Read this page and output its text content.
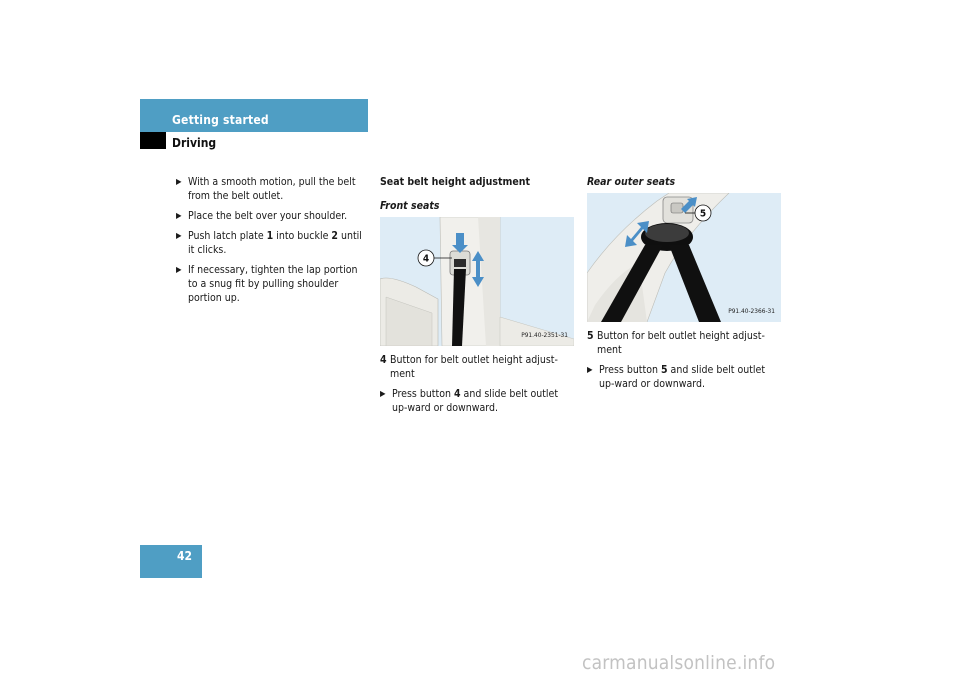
Getting started
Driving
▶ With a smooth motion, pull the belt from the belt outlet.
▶ Place the belt over your shoulder.
▶ Push latch plate 1 into buckle 2 until it clicks.
▶ If necessary, tighten the lap portion to a snug fit by pulling shoulder portion up.
Seat belt height adjustment
Front seats
4
P91.40-2351-31
4 Button for belt outlet height adjust-ment
▶ Press button 4 and slide belt outlet up-ward or downward.
Rear outer seats
5
P91.40-2366-31
5 Button for belt outlet height adjust-ment
▶ Press button 5 and slide belt outlet up-ward or downward.
42
carmanualsonline.info
